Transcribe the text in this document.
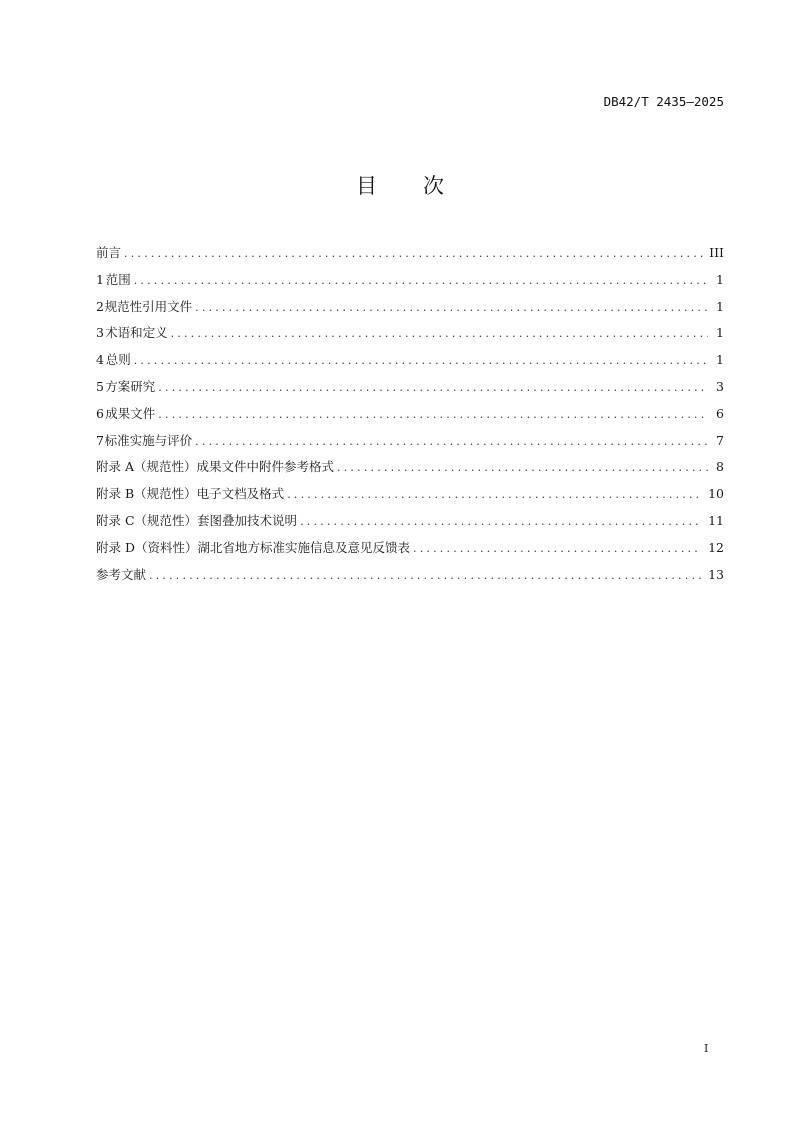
DB42/T 2435—2025
目 次
前言 .....	III
1 范围 .....	1
2 规范性引用文件 .....	1
3 术语和定义 .....	1
4 总则 .....	1
5 方案研究 .....	3
6 成果文件 .....	6
7 标准实施与评价 .....	7
附录 A（规范性） 成果文件中附件参考格式 .....	8
附录 B（规范性） 电子文档及格式 .....	10
附录 C（规范性） 套图叠加技术说明 .....	11
附录 D（资料性） 湖北省地方标准实施信息及意见反馈表 .....	12
参考文献 .....	13
I
